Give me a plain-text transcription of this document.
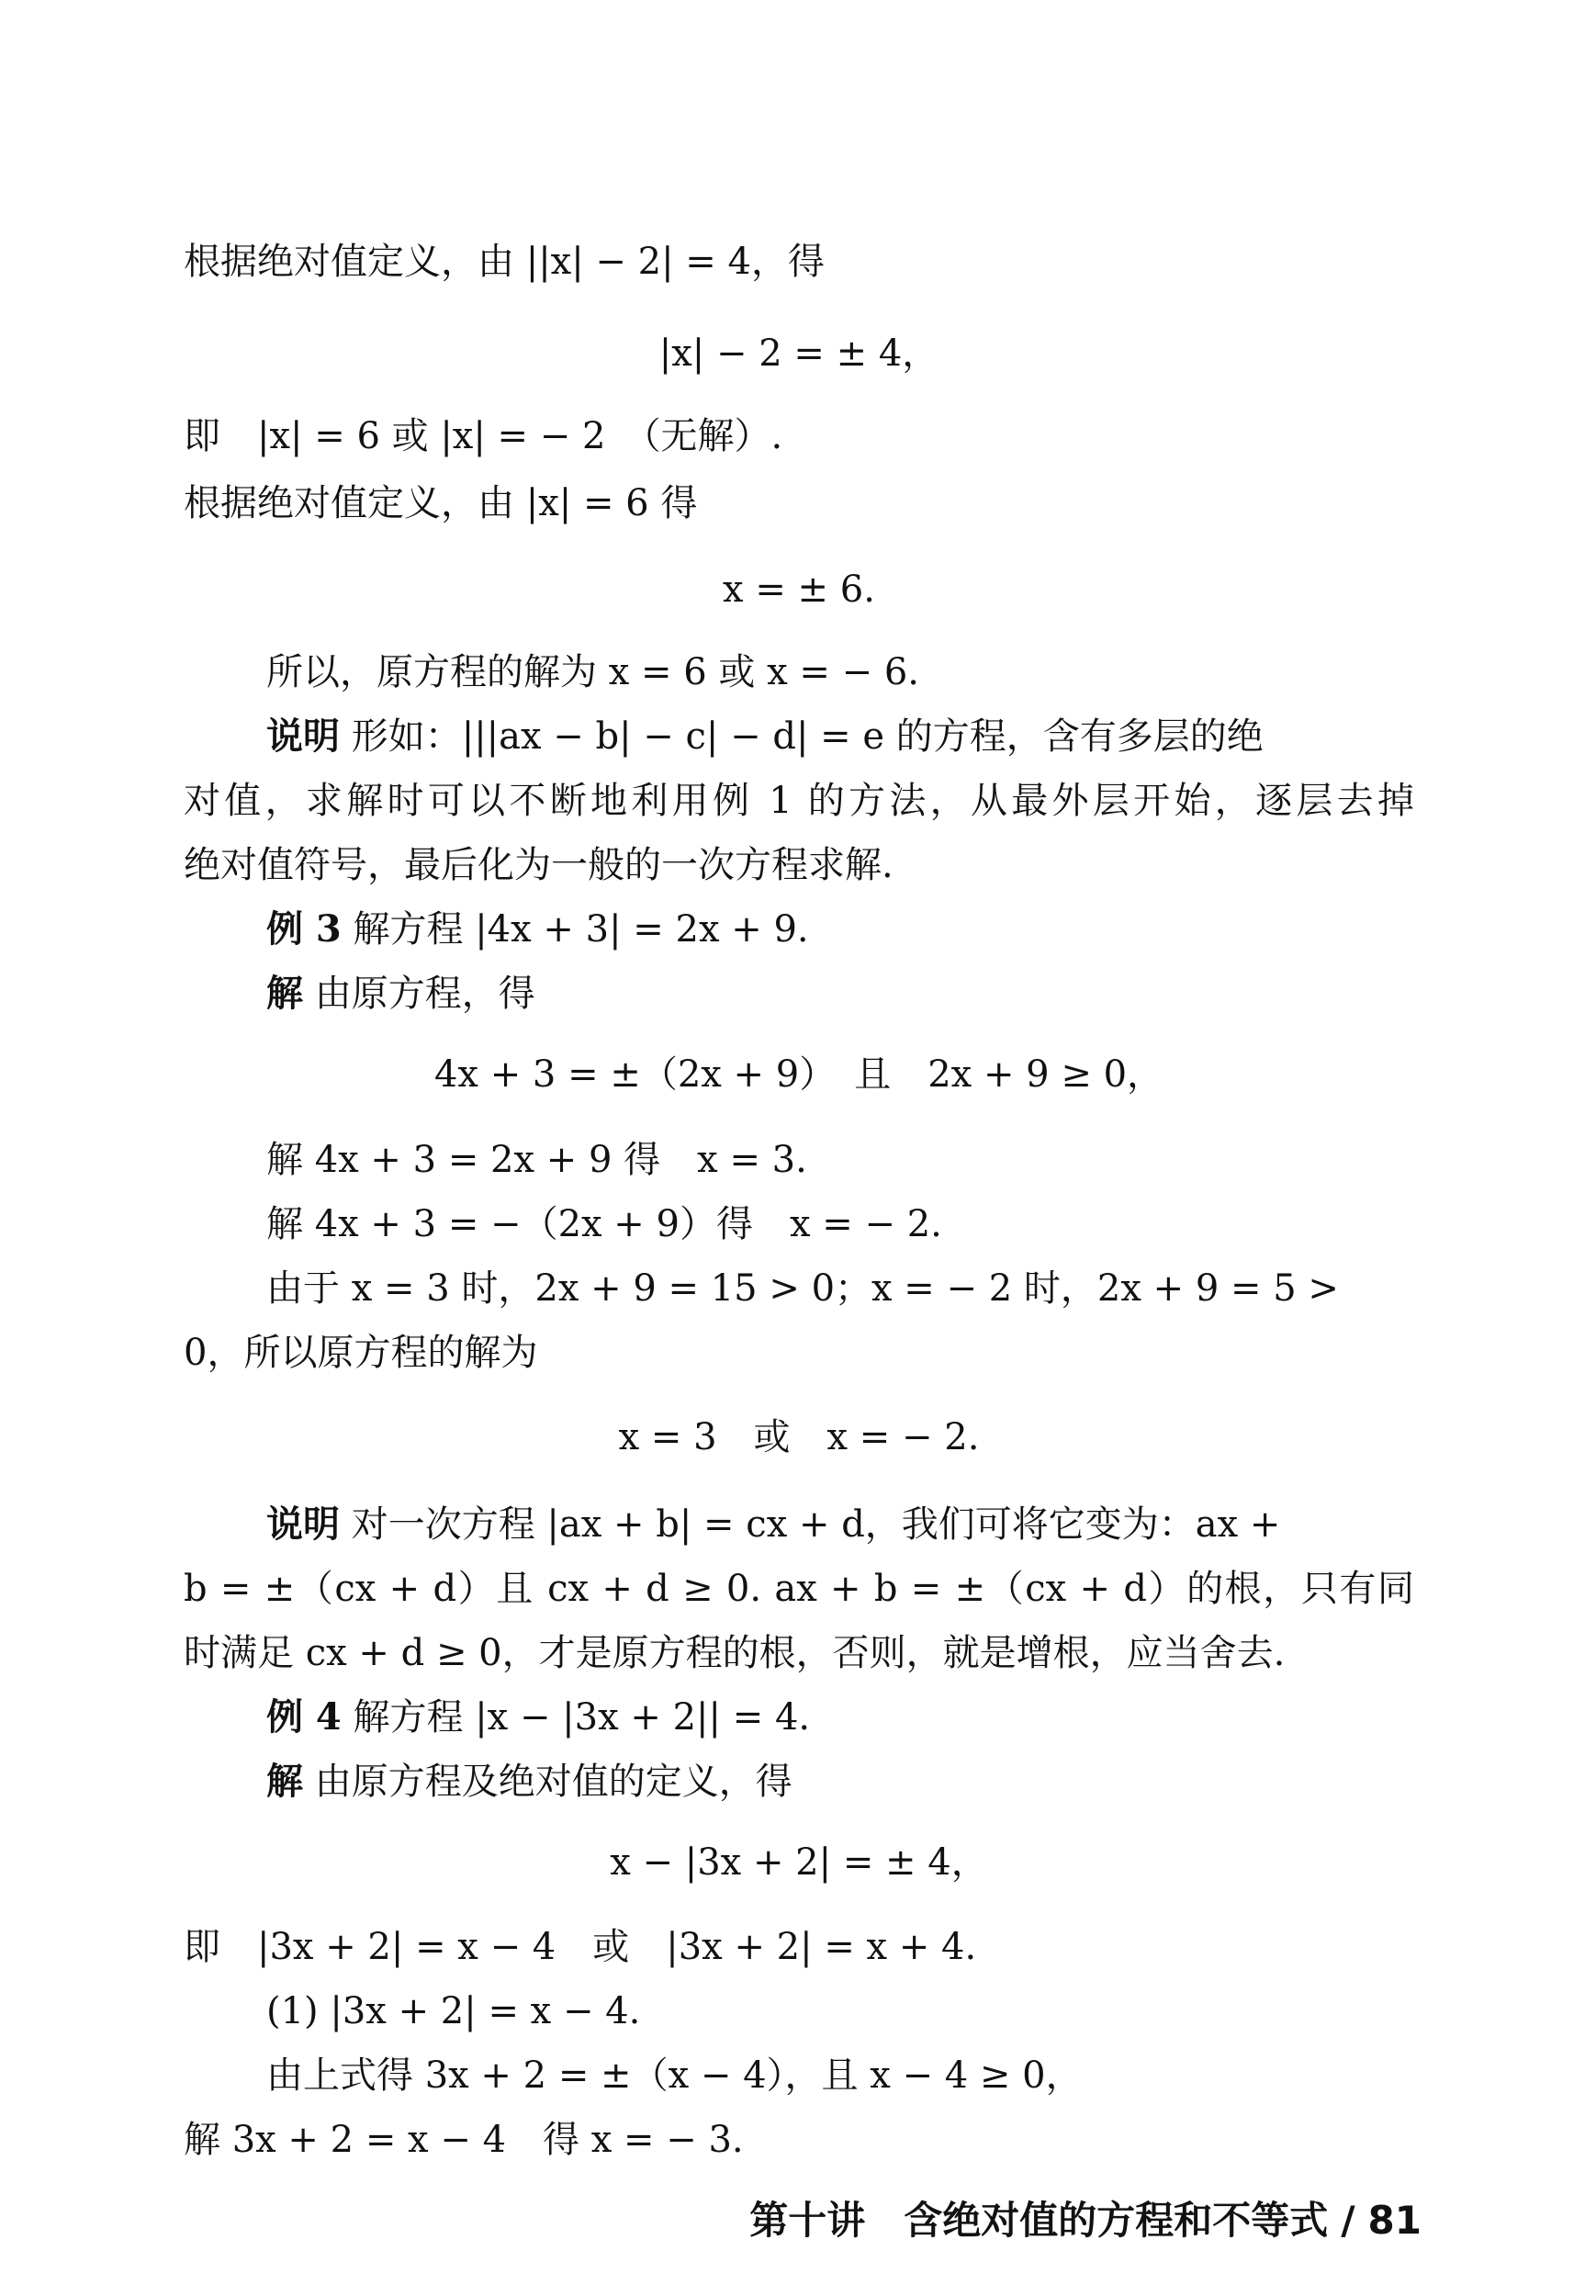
根据绝对值定义，由 ||x| − 2| = 4，得
|x| − 2 = ± 4，
即　|x| = 6 或 |x| = − 2　（无解）.
根据绝对值定义，由 |x| = 6 得
x = ± 6.
所以，原方程的解为 x = 6 或 x = − 6.
说明 形如：|||ax − b| − c| − d| = e 的方程，含有多层的绝
对值，求解时可以不断地利用例 1 的方法，从最外层开始，逐层去掉
绝对值符号，最后化为一般的一次方程求解.
例 3 解方程 |4x + 3| = 2x + 9.
解 由原方程，得
4x + 3 = ±（2x + 9）　且　2x + 9 ≥ 0，
解 4x + 3 = 2x + 9 得　x = 3.
解 4x + 3 = −（2x + 9）得　x = − 2.
由于 x = 3 时，2x + 9 = 15 > 0；x = − 2 时，2x + 9 = 5 >
0，所以原方程的解为
x = 3　或　x = − 2.
说明 对一次方程 |ax + b| = cx + d，我们可将它变为：ax +
b = ±（cx + d）且 cx + d ≥ 0. ax + b = ±（cx + d）的根，只有同
时满足 cx + d ≥ 0，才是原方程的根，否则，就是增根，应当舍去.
例 4 解方程 |x − |3x + 2|| = 4.
解 由原方程及绝对值的定义，得
x − |3x + 2| = ± 4，
即　|3x + 2| = x − 4　或　|3x + 2| = x + 4.
(1) |3x + 2| = x − 4.
由上式得 3x + 2 = ±（x − 4），且 x − 4 ≥ 0，
解 3x + 2 = x − 4　得 x = − 3.
第十讲　含绝对值的方程和不等式 / 81
